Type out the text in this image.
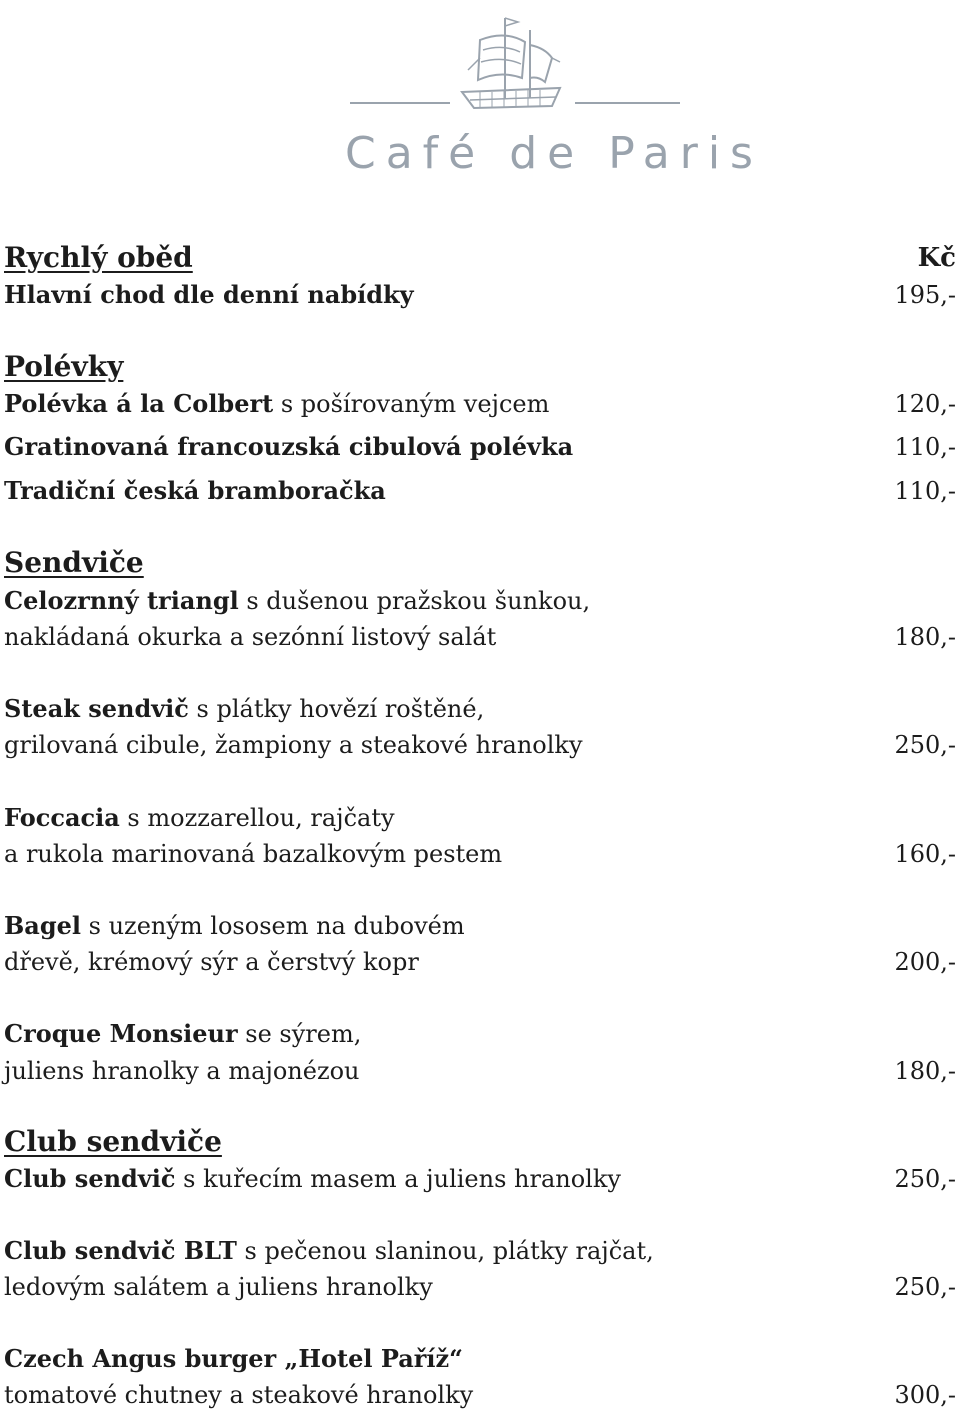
Café de Paris
Rychlý oběd	Kč
Hlavní chod dle denní nabídky	195,-
Polévky
Polévka á la Colbert s pošírovaným vejcem	120,-
Gratinovaná francouzská cibulová polévka	110,-
Tradiční česká bramboračka	110,-
Sendviče
Celozrnný triangl s dušenou pražskou šunkou,
nakládaná okurka a sezónní listový salát	180,-
Steak sendvič s plátky hovězí roštěné,
grilovaná cibule, žampiony a steakové hranolky	250,-
Foccacia s mozzarellou, rajčaty
a rukola marinovaná bazalkovým pestem	160,-
Bagel s uzeným lososem na dubovém
dřevě, krémový sýr a čerstvý kopr	200,-
Croque Monsieur se sýrem,
juliens hranolky a majonézou	180,-
Club sendviče
Club sendvič s kuřecím masem a juliens hranolky	250,-
Club sendvič BLT s pečenou slaninou, plátky rajčat,
ledovým salátem a juliens hranolky	250,-
Czech Angus burger „Hotel Paříž“
tomatové chutney a steakové hranolky	300,-
